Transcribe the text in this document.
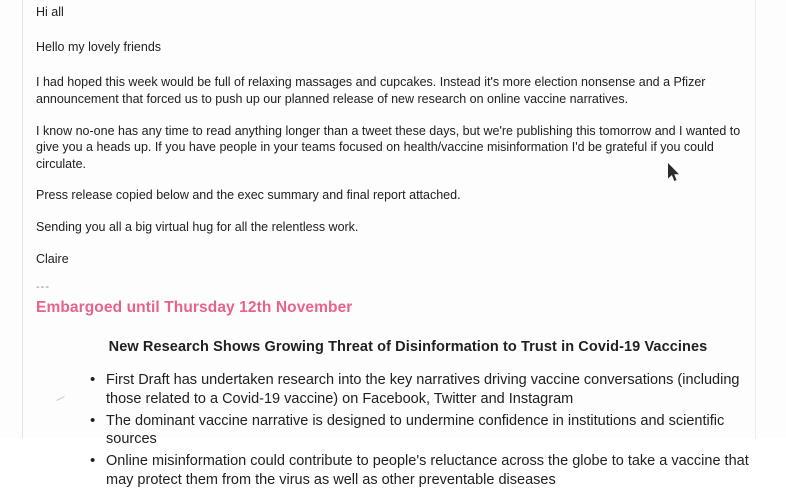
Hi all

Hello my lovely friends

I had hoped this week would be full of relaxing massages and cupcakes. Instead it's more election nonsense and a Pfizer announcement that forced us to push up our planned release of new research on online vaccine narratives.

I know no-one has any time to read anything longer than a tweet these days, but we're publishing this tomorrow and I wanted to give you a heads up. If you have people in your teams focused on health/vaccine misinformation I'd be grateful if you could circulate.

Press release copied below and the exec summary and final report attached.

Sending you all a big virtual hug for all the relentless work.

Claire

---
Embargoed until Thursday 12th November
New Research Shows Growing Threat of Disinformation to Trust in Covid-19 Vaccines
• First Draft has undertaken research into the key narratives driving vaccine conversations (including those related to a Covid-19 vaccine) on Facebook, Twitter and Instagram
• The dominant vaccine narrative is designed to undermine confidence in institutions and scientific sources
• Online misinformation could contribute to people's reluctance across the globe to take a vaccine that may protect them from the virus as well as other preventable diseases
